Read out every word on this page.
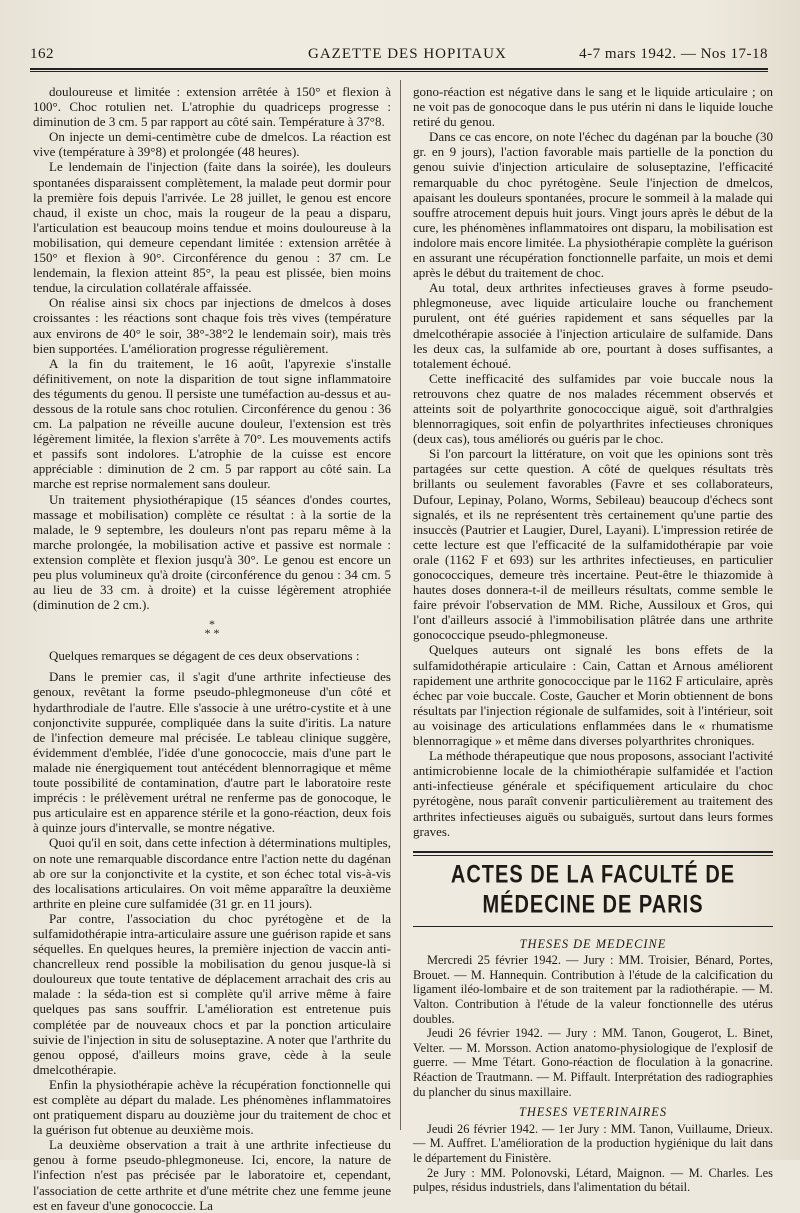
162	GAZETTE DES HOPITAUX	4-7 mars 1942. — Nos 17-18

douloureuse et limitée : extension arrêtée à 150° et flexion à 100°. Choc rotulien net. L'atrophie du quadriceps progresse : diminution de 3 cm. 5 par rapport au côté sain. Température à 37°8.

On injecte un demi-centimètre cube de dmelcos. La réaction est vive (température à 39°8) et prolongée (48 heures).

Le lendemain de l'injection (faite dans la soirée), les douleurs spontanées disparaissent complètement, la malade peut dormir pour la première fois depuis l'arrivée. Le 28 juillet, le genou est encore chaud, il existe un choc, mais la rougeur de la peau a disparu, l'articulation est beaucoup moins tendue et moins douloureuse à la mobilisation, qui demeure cependant limitée : extension arrêtée à 150° et flexion à 90°. Circonférence du genou : 37 cm. Le lendemain, la flexion atteint 85°, la peau est plissée, bien moins tendue, la circulation collatérale affaissée.

On réalise ainsi six chocs par injections de dmelcos à doses croissantes : les réactions sont chaque fois très vives (température aux environs de 40° le soir, 38°-38°2 le lendemain soir), mais très bien supportées. L'amélioration progresse régulièrement.

A la fin du traitement, le 16 août, l'apyrexie s'installe définitivement, on note la disparition de tout signe inflammatoire des téguments du genou. Il persiste une tuméfaction au-dessus et au-dessous de la rotule sans choc rotulien. Circonférence du genou : 36 cm. La palpation ne réveille aucune douleur, l'extension est très légèrement limitée, la flexion s'arrête à 70°. Les mouvements actifs et passifs sont indolores. L'atrophie de la cuisse est encore appréciable : diminution de 2 cm. 5 par rapport au côté sain. La marche est reprise normalement sans douleur.

Un traitement physiothérapique (15 séances d'ondes courtes, massage et mobilisation) complète ce résultat : à la sortie de la malade, le 9 septembre, les douleurs n'ont pas reparu même à la marche prolongée, la mobilisation active et passive est normale : extension complète et flexion jusqu'à 30°. Le genou est encore un peu plus volumineux qu'à droite (circonférence du genou : 34 cm. 5 au lieu de 33 cm. à droite) et la cuisse légèrement atrophiée (diminution de 2 cm.).

*
* *

Quelques remarques se dégagent de ces deux observations :

Dans le premier cas, il s'agit d'une arthrite infectieuse des genoux, revêtant la forme pseudo-phlegmoneuse d'un côté et hydarthrodiale de l'autre. Elle s'associe à une urétro-cystite et à une conjonctivite suppurée, compliquée dans la suite d'iritis. La nature de l'infection demeure mal précisée. Le tableau clinique suggère, évidemment d'emblée, l'idée d'une gonococcie, mais d'une part le malade nie énergiquement tout antécédent blennorragique et même toute possibilité de contamination, d'autre part le laboratoire reste imprécis : le prélèvement urétral ne renferme pas de gonocoque, le pus articulaire est en apparence stérile et la gono-réaction, deux fois à quinze jours d'intervalle, se montre négative.

Quoi qu'il en soit, dans cette infection à déterminations multiples, on note une remarquable discordance entre l'action nette du dagénan ab ore sur la conjonctivite et la cystite, et son échec total vis-à-vis des localisations articulaires. On voit même apparaître la deuxième arthrite en pleine cure sulfamidée (31 gr. en 11 jours).

Par contre, l'association du choc pyrétogène et de la sulfamidothérapie intra-articulaire assure une guérison rapide et sans séquelles. En quelques heures, la première injection de vaccin anti-chancrelleux rend possible la mobilisation du genou jusque-là si douloureux que toute tentative de déplacement arrachait des cris au malade : la séda-tion est si complète qu'il arrive même à faire quelques pas sans souffrir. L'amélioration est entretenue puis complétée par de nouveaux chocs et par la ponction articulaire suivie de l'injection in situ de soluseptazine. A noter que l'arthrite du genou opposé, d'ailleurs moins grave, cède à la seule dmelcothérapie.

Enfin la physiothérapie achève la récupération fonctionnelle qui est complète au départ du malade. Les phénomènes inflammatoires ont pratiquement disparu au douzième jour du traitement de choc et la guérison fut obtenue au deuxième mois.

La deuxième observation a trait à une arthrite infectieuse du genou à forme pseudo-phlegmoneuse. Ici, encore, la nature de l'infection n'est pas précisée par le laboratoire et, cependant, l'association de cette arthrite et d'une métrite chez une femme jeune est en faveur d'une gonococcie. La

gono-réaction est négative dans le sang et le liquide articulaire ; on ne voit pas de gonocoque dans le pus utérin ni dans le liquide louche retiré du genou.

Dans ce cas encore, on note l'échec du dagénan par la bouche (30 gr. en 9 jours), l'action favorable mais partielle de la ponction du genou suivie d'injection articulaire de soluseptazine, l'efficacité remarquable du choc pyrétogène. Seule l'injection de dmelcos, apaisant les douleurs spontanées, procure le sommeil à la malade qui souffre atrocement depuis huit jours. Vingt jours après le début de la cure, les phénomènes inflammatoires ont disparu, la mobilisation est indolore mais encore limitée. La physiothérapie complète la guérison en assurant une récupération fonctionnelle parfaite, un mois et demi après le début du traitement de choc.

Au total, deux arthrites infectieuses graves à forme pseudo-phlegmoneuse, avec liquide articulaire louche ou franchement purulent, ont été guéries rapidement et sans séquelles par la dmelcothérapie associée à l'injection articulaire de sulfamide. Dans les deux cas, la sulfamide ab ore, pourtant à doses suffisantes, a totalement échoué.

Cette inefficacité des sulfamides par voie buccale nous la retrouvons chez quatre de nos malades récemment observés et atteints soit de polyarthrite gonococcique aiguë, soit d'arthralgies blennorragiques, soit enfin de polyarthrites infectieuses chroniques (deux cas), tous améliorés ou guéris par le choc.

Si l'on parcourt la littérature, on voit que les opinions sont très partagées sur cette question. A côté de quelques résultats très brillants ou seulement favorables (Favre et ses collaborateurs, Dufour, Lepinay, Polano, Worms, Sebileau) beaucoup d'échecs sont signalés, et ils ne représentent très certainement qu'une partie des insuccès (Pautrier et Laugier, Durel, Layani). L'impression retirée de cette lecture est que l'efficacité de la sulfamidothérapie par voie orale (1162 F et 693) sur les arthrites infectieuses, en particulier gonococciques, demeure très incertaine. Peut-être le thiazomide à hautes doses donnera-t-il de meilleurs résultats, comme semble le faire prévoir l'observation de MM. Riche, Aussiloux et Gros, qui l'ont d'ailleurs associé à l'immobilisation plâtrée dans une arthrite gonococcique pseudo-phlegmoneuse.

Quelques auteurs ont signalé les bons effets de la sulfamidothérapie articulaire : Cain, Cattan et Arnous améliorent rapidement une arthrite gonococcique par le 1162 F articulaire, après échec par voie buccale. Coste, Gaucher et Morin obtiennent de bons résultats par l'injection régionale de sulfamides, soit à l'intérieur, soit au voisinage des articulations enflammées dans le « rhumatisme blennorragique » et même dans diverses polyarthrites chroniques.

La méthode thérapeutique que nous proposons, associant l'activité antimicrobienne locale de la chimiothérapie sulfamidée et l'action anti-infectieuse générale et spécifiquement articulaire du choc pyrétogène, nous paraît convenir particulièrement au traitement des arthrites infectieuses aiguës ou subaiguës, surtout dans leurs formes graves.

ACTES DE LA FACULTÉ DE MÉDECINE DE PARIS
THESES DE MEDECINE

Mercredi 25 février 1942. — Jury : MM. Troisier, Bénard, Portes, Brouet. — M. Hannequin. Contribution à l'étude de la calcification du ligament iléo-lombaire et de son traitement par la radiothérapie. — M. Valton. Contribution à l'étude de la valeur fonctionnelle des utérus doubles.

Jeudi 26 février 1942. — Jury : MM. Tanon, Gougerot, L. Binet, Velter. — M. Morsson. Action anatomo-physiologique de l'explosif de guerre. — Mme Tétart. Gono-réaction de floculation à la gonacrine. Réaction de Trautmann. — M. Piffault. Interprétation des radiographies du plancher du sinus maxillaire.

THESES VETERINAIRES

Jeudi 26 février 1942. — 1er Jury : MM. Tanon, Vuillaume, Drieux. — M. Auffret. L'amélioration de la production hygiénique du lait dans le département du Finistère.

2e Jury : MM. Polonovski, Létard, Maignon. — M. Charles. Les pulpes, résidus industriels, dans l'alimentation du bétail.
